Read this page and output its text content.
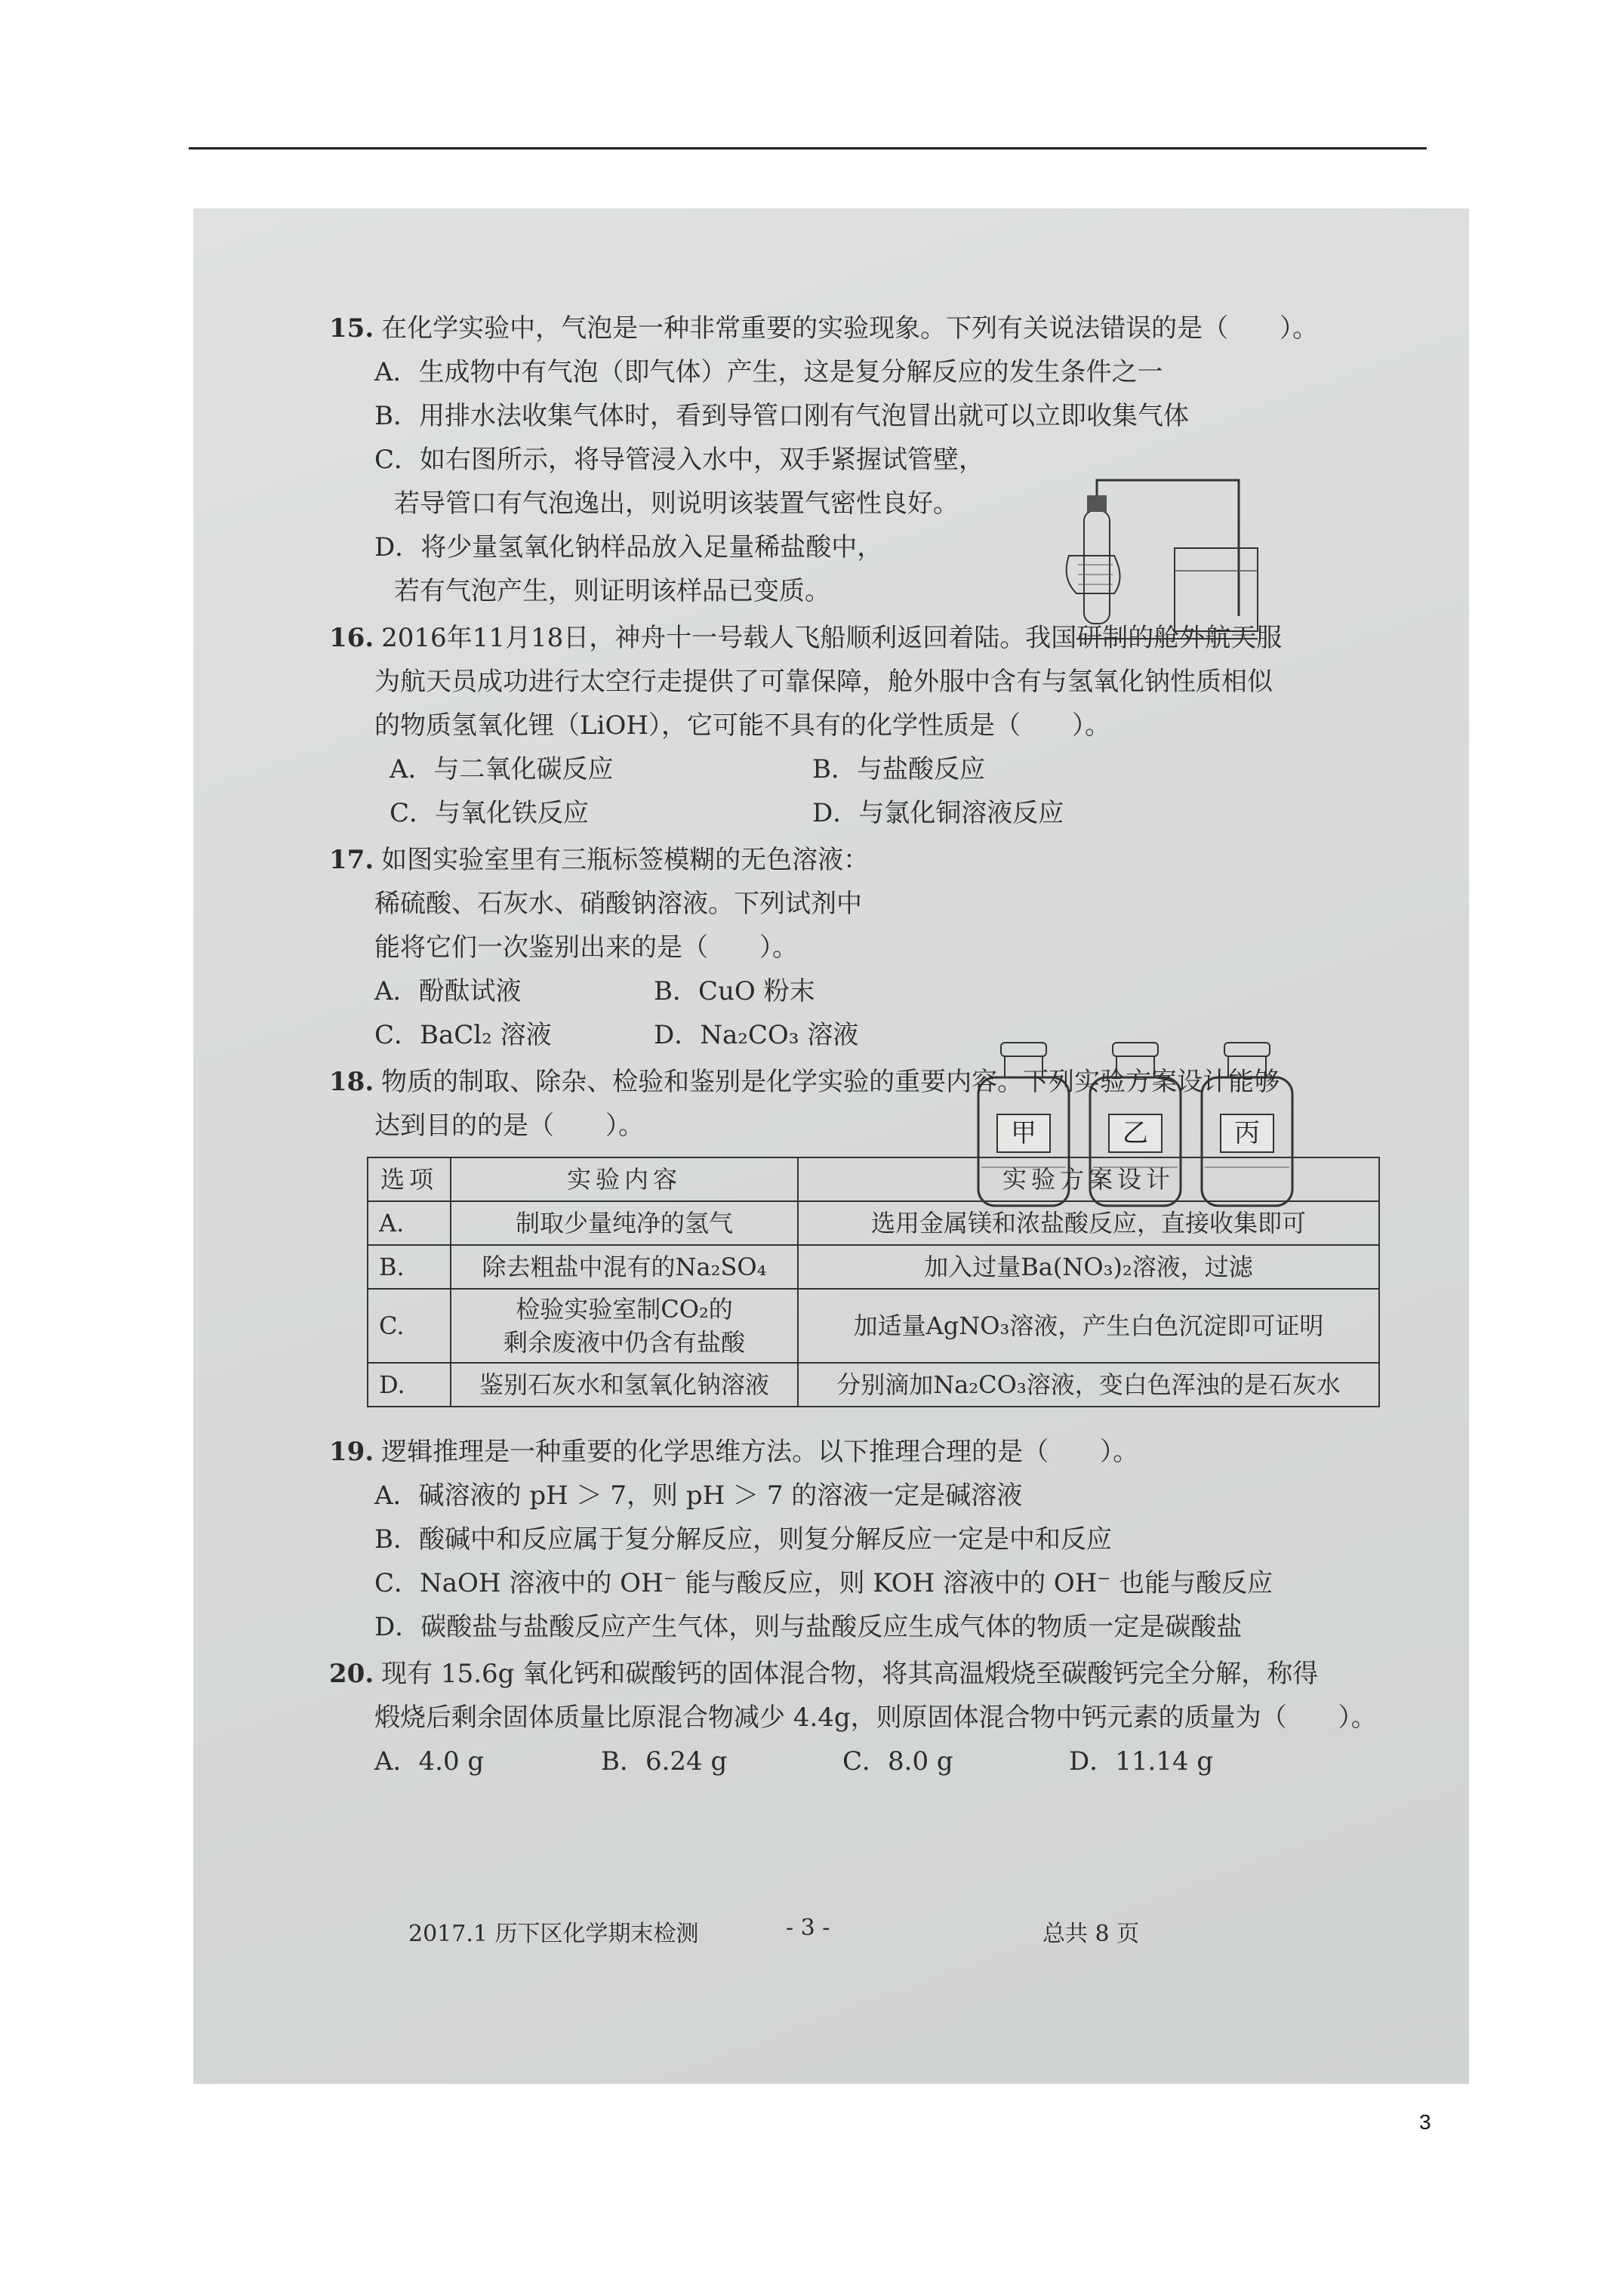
甲	乙	丙
15. 在化学实验中，气泡是一种非常重要的实验现象。下列有关说法错误的是（　　）。
A．生成物中有气泡（即气体）产生，这是复分解反应的发生条件之一
B．用排水法收集气体时，看到导管口刚有气泡冒出就可以立即收集气体
C．如右图所示，将导管浸入水中，双手紧握试管壁，
若导管口有气泡逸出，则说明该装置气密性良好。
D．将少量氢氧化钠样品放入足量稀盐酸中，
若有气泡产生，则证明该样品已变质。
16. 2016年11月18日，神舟十一号载人飞船顺利返回着陆。我国研制的舱外航天服
为航天员成功进行太空行走提供了可靠保障，舱外服中含有与氢氧化钠性质相似
的物质氢氧化锂（LiOH），它可能不具有的化学性质是（　　）。
A．与二氧化碳反应	B．与盐酸反应
C．与氧化铁反应	D．与氯化铜溶液反应
17. 如图实验室里有三瓶标签模糊的无色溶液：
稀硫酸、石灰水、硝酸钠溶液。下列试剂中
能将它们一次鉴别出来的是（　　）。
A．酚酞试液	B．CuO 粉末
C．BaCl₂ 溶液	D．Na₂CO₃ 溶液
18. 物质的制取、除杂、检验和鉴别是化学实验的重要内容。下列实验方案设计能够
达到目的的是（　　）。
选项	实验内容	实验方案设计
A.	制取少量纯净的氢气	选用金属镁和浓盐酸反应，直接收集即可
B.	除去粗盐中混有的Na₂SO₄	加入过量Ba(NO₃)₂溶液，过滤
C.	检验实验室制CO₂的
剩余废液中仍含有盐酸	加适量AgNO₃溶液，产生白色沉淀即可证明
D.	鉴别石灰水和氢氧化钠溶液	分别滴加Na₂CO₃溶液，变白色浑浊的是石灰水
19. 逻辑推理是一种重要的化学思维方法。以下推理合理的是（　　）。
A．碱溶液的 pH ＞ 7，则 pH ＞ 7 的溶液一定是碱溶液
B．酸碱中和反应属于复分解反应，则复分解反应一定是中和反应
C．NaOH 溶液中的 OH⁻ 能与酸反应，则 KOH 溶液中的 OH⁻ 也能与酸反应
D．碳酸盐与盐酸反应产生气体，则与盐酸反应生成气体的物质一定是碳酸盐
20. 现有 15.6g 氧化钙和碳酸钙的固体混合物，将其高温煅烧至碳酸钙完全分解，称得
煅烧后剩余固体质量比原混合物减少 4.4g，则原固体混合物中钙元素的质量为（　　）。
A．4.0 g	B．6.24 g	C．8.0 g	D．11.14 g
2017.1 历下区化学期末检测	- 3 -	总共 8 页
3
